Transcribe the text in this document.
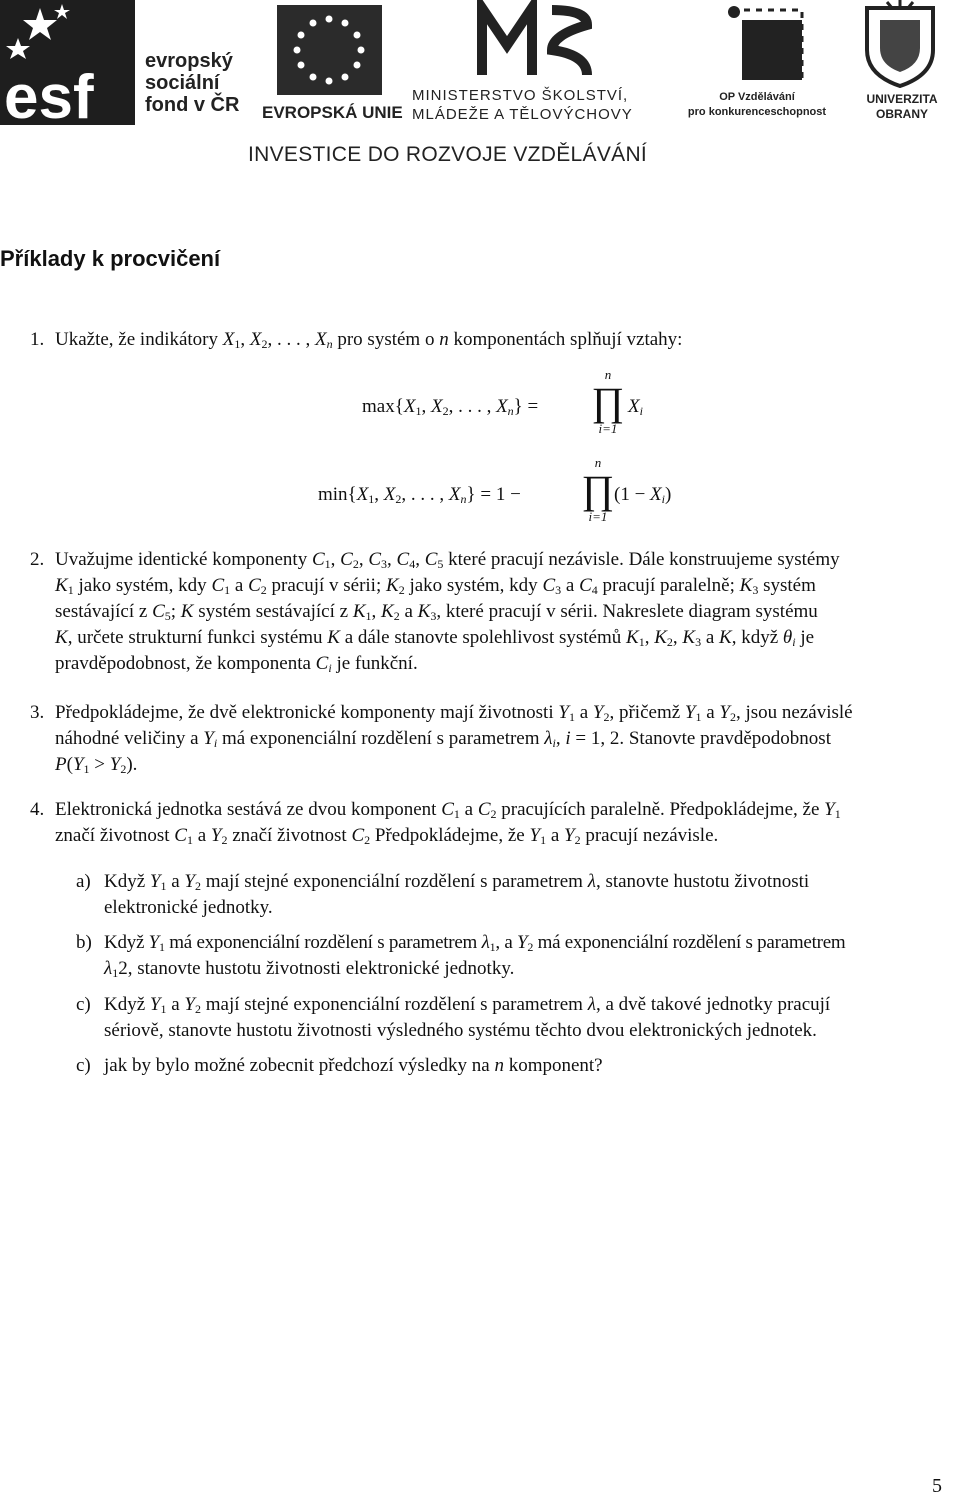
esf
evropský
sociální
fond v ČR EVROPSKÁ UNIE
MINISTERSTVO ŠKOLSTVÍ,
MLÁDEŽE A TĚLOVÝCHOVY
OP Vzdělávání
pro konkurenceschopnost
UNIVERZITA
OBRANY
INVESTICE DO ROZVOJE VZDĚLÁVÁNÍ
Příklady k procvičení
1. Ukažte, že indikátory $X_1$, $X_2$, . . . , $X_n$ pro systém o n komponentách splňují vztahy:

$\max\{X_1$, $X_2$, . . . , $X_n$} =
n
∏
i=1
$X_i$
$\min\{X_1$, $X_2$, . . . , $X_n\} = 1$ −
n
∏
i=1
$(1 - X_i)$
2. Uvažujme identické komponenty $C_1$, $C_2$, $C_3$, $C_4$, $C_5$ které pracují nezávisle. Dále konstruujeme systémy
$K_1$ jako systém, kdy $C_1$ a $C_2$ pracují v sérii; $K_2$ jako systém, kdy $C_3$ a $C_4$ pracují paralelně; $K_3$ systém
sestávající z $C_5$; K systém sestávající z $K_1$, $K_2$ a $K_3$, které pracují v sérii. Nakreslete diagram systému
K, určete strukturní funkci systému K a dále stanovte spolehlivost systémů $K_1$, $K_2$, $K_3$ a K, když $\theta_i$ je
pravděpodobnost, že komponenta $C_i$ je funkční.
3. Předpokládejme, že dvě elektronické komponenty mají životnosti $Y_1$ a $Y_2$, přičemž $Y_1$ a $Y_2$, jsou nezávislé
náhodné veličiny a $Y_i$ má exponenciální rozdělení s parametrem $\lambda_i$, i = 1, 2. Stanovte pravděpodobnost
$P(Y_1 > Y_2)$.
4. Elektronická jednotka sestává ze dvou komponent $C_1$ a $C_2$ pracujících paralelně. Předpokládejme, že $Y_1$
značí životnost $C_1$ a $Y_2$ značí životnost $C_2$ Předpokládejme, že $Y_1$ a $Y_2$ pracují nezávisle.
a) Když $Y_1$ a $Y_2$ mají stejné exponenciální rozdělení s parametrem λ, stanovte hustotu životnosti
elektronické jednotky.
b) Když $Y_1$ má exponenciální rozdělení s parametrem $\lambda_1$, a $Y_2$ má exponenciální rozdělení s parametrem
$\lambda_12$, stanovte hustotu životnosti elektronické jednotky.
c) Když $Y_1$ a $Y_2$ mají stejné exponenciální rozdělení s parametrem λ, a dvě takové jednotky pracují
sériově, stanovte hustotu životnosti výsledného systému těchto dvou elektronických jednotek.
c) jak by bylo možné zobecnit předchozí výsledky na n komponent?
5
